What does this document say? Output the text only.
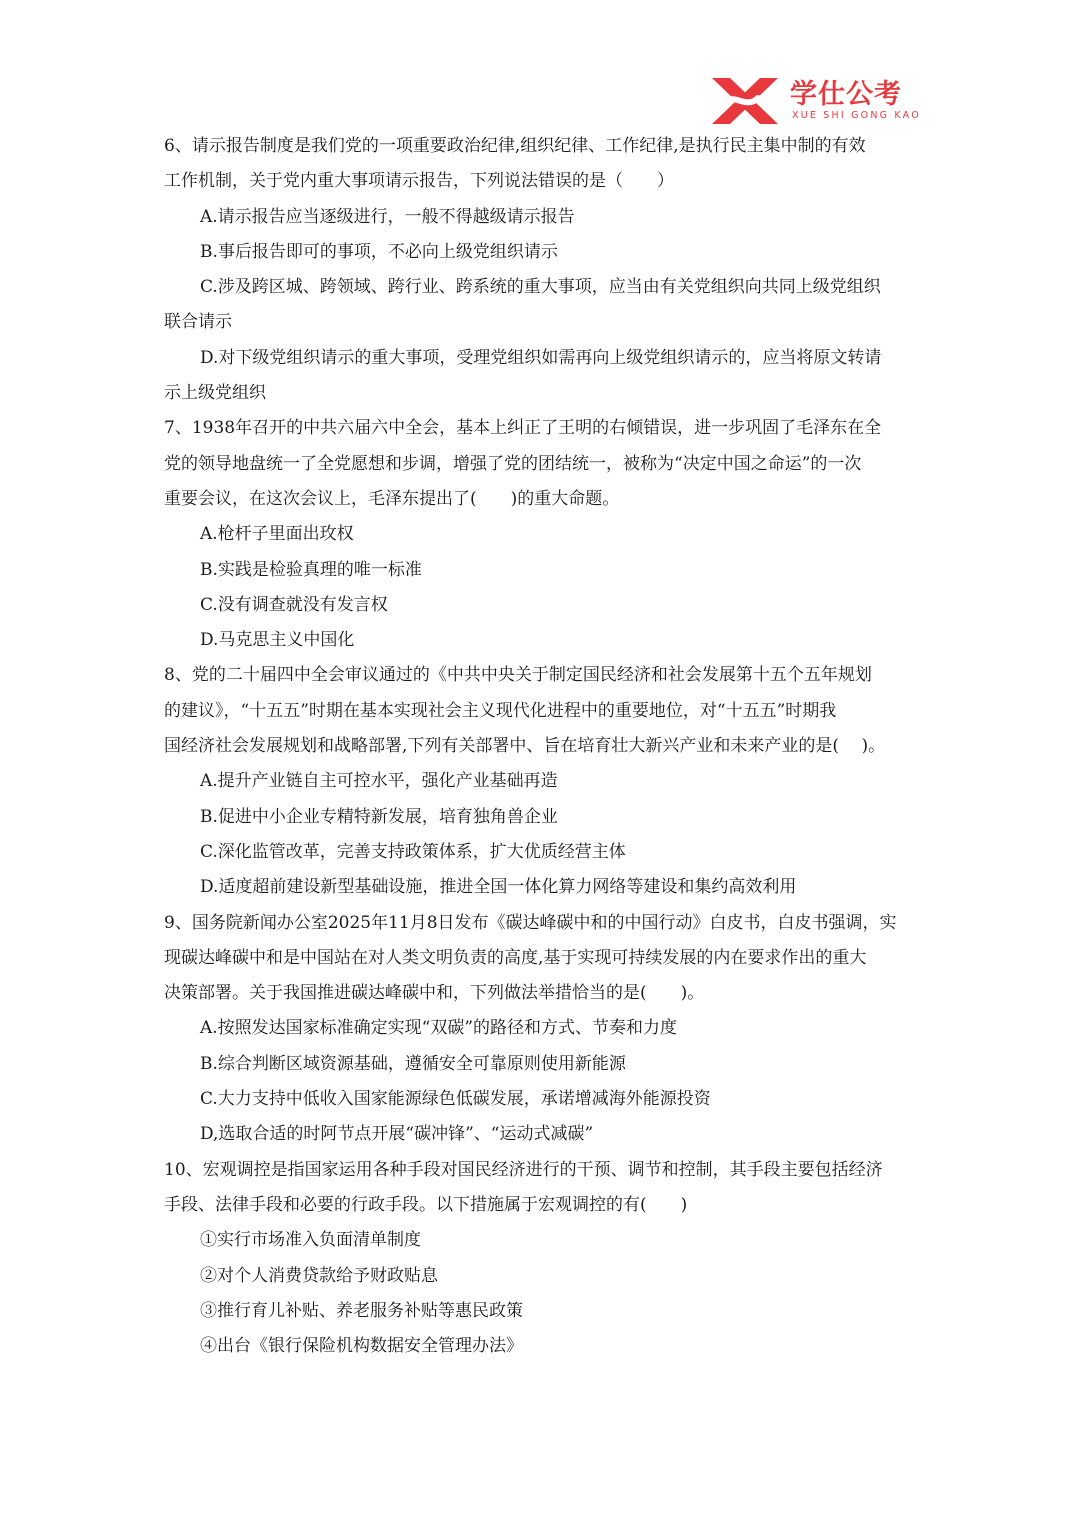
学仕公考
XUE SHI GONG KAO
6、请示报告制度是我们党的一项重要政治纪律,组织纪律、工作纪律,是执行民主集中制的有效
工作机制，关于党内重大事项请示报告，下列说法错误的是（　　）
A.请示报告应当逐级进行，一般不得越级请示报告
B.事后报告即可的事项，不必向上级党组织请示
C.涉及跨区城、跨领域、跨行业、跨系统的重大事项，应当由有关党组织向共同上级党组织
联合请示
D.对下级党组织请示的重大事项，受理党组织如需再向上级党组织请示的，应当将原文转请
示上级党组织
7、1938年召开的中共六届六中全会，基本上纠正了王明的右倾错误，进一步巩固了毛泽东在全
党的领导地盘统一了全党愿想和步调，增强了党的团结统一，被称为“决定中国之命运”的一次
重要会议，在这次会议上，毛泽东提出了(　　)的重大命题。
A.枪杆子里面出玫权
B.实践是检验真理的唯一标准
C.没有调查就没有发言权
D.马克思主义中国化
8、党的二十届四中全会审议通过的《中共中央关于制定国民经济和社会发展第十五个五年规划
的建议》，“十五五”时期在基本实现社会主义现代化进程中的重要地位，对“十五五”时期我
国经济社会发展规划和战略部署,下列有关部署中、旨在培育壮大新兴产业和未来产业的是(　 )。
A.提升产业链自主可控水平，强化产业基础再造
B.促进中小企业专精特新发展，培育独角兽企业
C.深化监管改革，完善支持政策体系，扩大优质经营主体
D.适度超前建设新型基础设施，推进全国一体化算力网络等建设和集约高效利用
9、国务院新闻办公室2025年11月8日发布《碳达峰碳中和的中国行动》白皮书，白皮书强调，实
现碳达峰碳中和是中国站在对人类文明负责的高度,基于实现可持续发展的内在要求作出的重大
决策部署。关于我国推进碳达峰碳中和，下列做法举措恰当的是(　　)。
A.按照发达国家标准确定实现“双碳”的路径和方式、节奏和力度
B.综合判断区域资源基础，遵循安全可靠原则使用新能源
C.大力支持中低收入国家能源绿色低碳发展，承诺增减海外能源投资
D,选取合适的时阿节点开展“碳冲锋”、“运动式减碳”
10、宏观调控是指国家运用各种手段对国民经济进行的干预、调节和控制，其手段主要包括经济
手段、法律手段和必要的行政手段。以下措施属于宏观调控的有(　　)
①实行市场准入负面清单制度
②对个人消费贷款给予财政贴息
③推行育儿补贴、养老服务补贴等惠民政策
④出台《银行保险机构数据安全管理办法》
